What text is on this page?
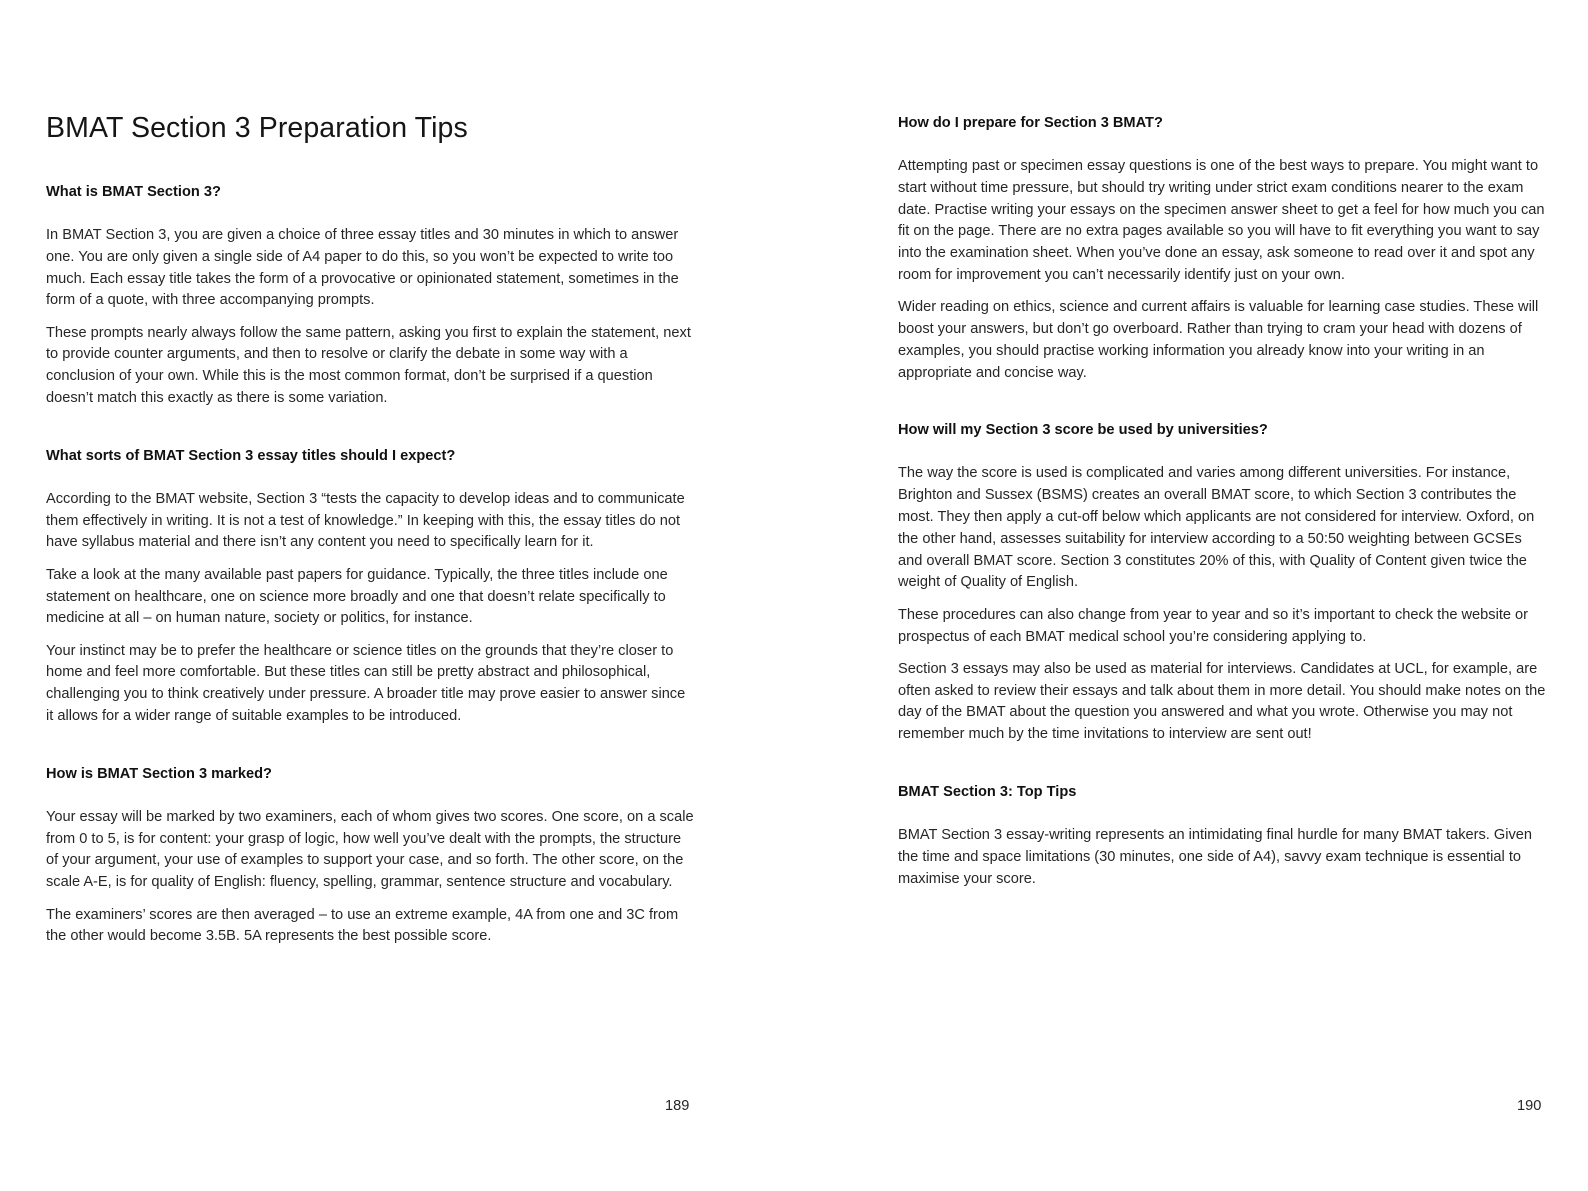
BMAT Section 3 Preparation Tips
What is BMAT Section 3?

In BMAT Section 3, you are given a choice of three essay titles and 30 minutes in which to answer one. You are only given a single side of A4 paper to do this, so you won’t be expected to write too much. Each essay title takes the form of a provocative or opinionated statement, sometimes in the form of a quote, with three accompanying prompts.

These prompts nearly always follow the same pattern, asking you first to explain the statement, next to provide counter arguments, and then to resolve or clarify the debate in some way with a conclusion of your own. While this is the most common format, don’t be surprised if a question doesn’t match this exactly as there is some variation.

What sorts of BMAT Section 3 essay titles should I expect?

According to the BMAT website, Section 3 “tests the capacity to develop ideas and to communicate them effectively in writing. It is not a test of knowledge.” In keeping with this, the essay titles do not have syllabus material and there isn’t any content you need to specifically learn for it.

Take a look at the many available past papers for guidance. Typically, the three titles include one statement on healthcare, one on science more broadly and one that doesn’t relate specifically to medicine at all – on human nature, society or politics, for instance.

Your instinct may be to prefer the healthcare or science titles on the grounds that they’re closer to home and feel more comfortable. But these titles can still be pretty abstract and philosophical, challenging you to think creatively under pressure. A broader title may prove easier to answer since it allows for a wider range of suitable examples to be introduced.

How is BMAT Section 3 marked?

Your essay will be marked by two examiners, each of whom gives two scores. One score, on a scale from 0 to 5, is for content: your grasp of logic, how well you’ve dealt with the prompts, the structure of your argument, your use of examples to support your case, and so forth. The other score, on the scale A-E, is for quality of English: fluency, spelling, grammar, sentence structure and vocabulary.

The examiners’ scores are then averaged – to use an extreme example, 4A from one and 3C from the other would become 3.5B. 5A represents the best possible score.

189
How do I prepare for Section 3 BMAT?

Attempting past or specimen essay questions is one of the best ways to prepare. You might want to start without time pressure, but should try writing under strict exam conditions nearer to the exam date. Practise writing your essays on the specimen answer sheet to get a feel for how much you can fit on the page. There are no extra pages available so you will have to fit everything you want to say into the examination sheet. When you’ve done an essay, ask someone to read over it and spot any room for improvement you can’t necessarily identify just on your own.

Wider reading on ethics, science and current affairs is valuable for learning case studies. These will boost your answers, but don’t go overboard. Rather than trying to cram your head with dozens of examples, you should practise working information you already know into your writing in an appropriate and concise way.

How will my Section 3 score be used by universities?

The way the score is used is complicated and varies among different universities. For instance, Brighton and Sussex (BSMS) creates an overall BMAT score, to which Section 3 contributes the most. They then apply a cut-off below which applicants are not considered for interview. Oxford, on the other hand, assesses suitability for interview according to a 50:50 weighting between GCSEs and overall BMAT score. Section 3 constitutes 20% of this, with Quality of Content given twice the weight of Quality of English.

These procedures can also change from year to year and so it’s important to check the website or prospectus of each BMAT medical school you’re considering applying to.

Section 3 essays may also be used as material for interviews. Candidates at UCL, for example, are often asked to review their essays and talk about them in more detail. You should make notes on the day of the BMAT about the question you answered and what you wrote. Otherwise you may not remember much by the time invitations to interview are sent out!

BMAT Section 3: Top Tips

BMAT Section 3 essay-writing represents an intimidating final hurdle for many BMAT takers. Given the time and space limitations (30 minutes, one side of A4), savvy exam technique is essential to maximise your score.

190
